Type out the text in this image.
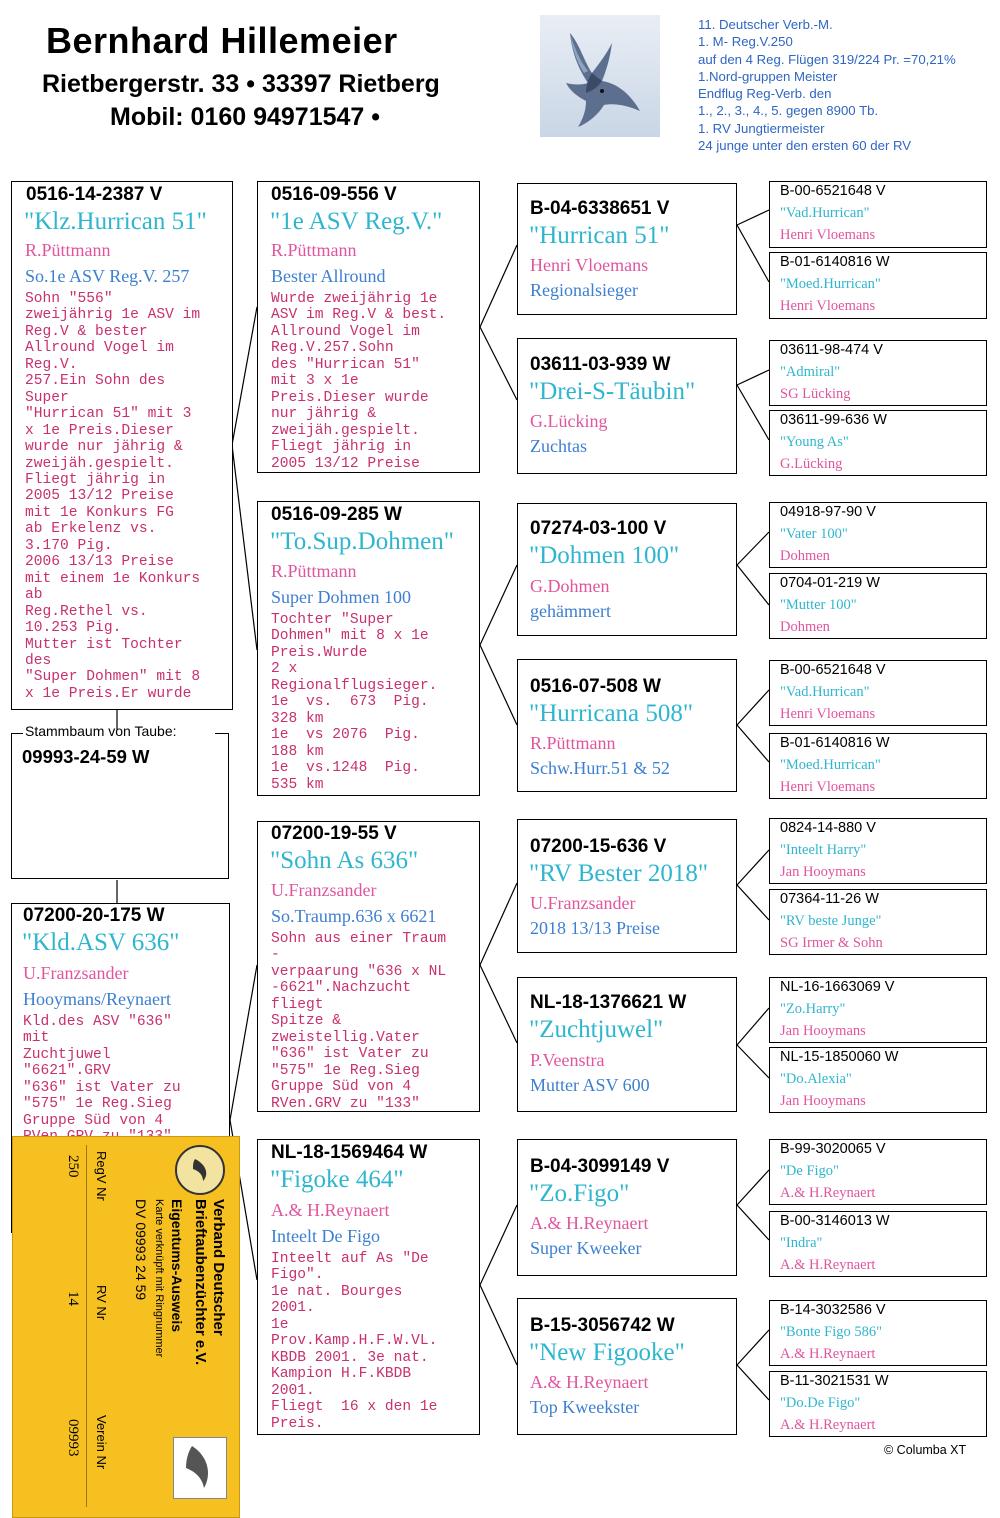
Bernhard Hillemeier
Rietbergerstr. 33 • 33397 Rietberg
Mobil: 0160 94971547 •
11. Deutscher Verb.-M.
1. M- Reg.V.250
auf den 4 Reg. Flügen 319/224 Pr. =70,21%
1.Nord-gruppen Meister
Endflug Reg-Verb. den
1., 2., 3., 4., 5. gegen 8900 Tb.
1. RV Jungtiermeister
24 junge unter den ersten 60 der RV
Stammbaum von Taube:
09993-24-59 W
0516-14-2387 V
"Klz.Hurrican 51"
R.Püttmann
So.1e ASV Reg.V. 257
Sohn "556"
zweijährig 1e ASV im
Reg.V & bester
Allround Vogel im
Reg.V.
257.Ein Sohn des
Super
"Hurrican 51" mit 3
x 1e Preis.Dieser
wurde nur jährig &
zweijäh.gespielt.
Fliegt jährig in
2005 13/12 Preise
mit 1e Konkurs FG
ab Erkelenz vs.
3.170 Pig.
2006 13/13 Preise
mit einem 1e Konkurs
ab
Reg.Rethel vs.
10.253 Pig.
Mutter ist Tochter
des
"Super Dohmen" mit 8
x 1e Preis.Er wurde
07200-20-175 W
"Kld.ASV 636"
U.Franzsander
Hooymans/Reynaert
Kld.des ASV "636"
mit
Zuchtjuwel
"6621".GRV
"636" ist Vater zu
"575" 1e Reg.Sieg
Gruppe Süd von 4

0516-09-556 V
"1e ASV Reg.V."
R.Püttmann
Bester Allround
Wurde zweijährig 1e
ASV im Reg.V & best.
Allround Vogel im
Reg.V.257.Sohn
des "Hurrican 51"
mit 3 x 1e
Preis.Dieser wurde
nur jährig &
zweijäh.gespielt.
Fliegt jährig in
2005 13/12 Preise
0516-09-285 W
"To.Sup.Dohmen"
R.Püttmann
Super Dohmen 100
Tochter "Super
Dohmen" mit 8 x 1e
Preis.Wurde
2 x
Regionalflugsieger.
1e  vs.  673  Pig.
328 km
1e  vs 2076  Pig.
188 km
1e  vs.1248  Pig.
535 km
07200-19-55 V
"Sohn As 636"
U.Franzsander
So.Traump.636 x 6621
Sohn aus einer Traum
-
verpaarung "636 x NL
-6621".Nachzucht
fliegt
Spitze &
zweistellig.Vater
"636" ist Vater zu
"575" 1e Reg.Sieg
Gruppe Süd von 4
RVen.GRV zu "133"
NL-18-1569464 W
"Figoke 464"
A.& H.Reynaert
Inteelt De Figo
Inteelt auf As "De
Figo".
1e nat. Bourges
2001.
1e
Prov.Kamp.H.F.W.VL.
KBDB 2001. 3e nat.
Kampion H.F.KBDB
2001.
Fliegt  16 x den 1e
Preis.
B-04-6338651 V
"Hurrican 51"
Henri Vloemans
Regionalsieger
03611-03-939 W
"Drei-S-Täubin"
G.Lücking
Zuchtas
07274-03-100 V
"Dohmen 100"
G.Dohmen
gehämmert
0516-07-508 W
"Hurricana 508"
R.Püttmann
Schw.Hurr.51 & 52
07200-15-636 V
"RV Bester 2018"
U.Franzsander
2018 13/13 Preise
NL-18-1376621 W
"Zuchtjuwel"
P.Veenstra
Mutter ASV 600
B-04-3099149 V
"Zo.Figo"
A.& H.Reynaert
Super Kweeker
B-15-3056742 W
"New Figooke"
A.& H.Reynaert
Top Kweekster
B-00-6521648 V
"Vad.Hurrican"
Henri Vloemans
B-01-6140816 W
"Moed.Hurrican"
Henri Vloemans
03611-98-474 V
"Admiral"
SG Lücking
03611-99-636 W
"Young As"
G.Lücking
04918-97-90 V
"Vater 100"
Dohmen
0704-01-219 W
"Mutter 100"
Dohmen
B-00-6521648 V
"Vad.Hurrican"
Henri Vloemans
B-01-6140816 W
"Moed.Hurrican"
Henri Vloemans
0824-14-880 V
"Inteelt Harry"
Jan Hooymans
07364-11-26 W
"RV beste Junge"
SG Irmer & Sohn
NL-16-1663069 V
"Zo.Harry"
Jan Hooymans
NL-15-1850060 W
"Do.Alexia"
Jan Hooymans
B-99-3020065 V
"De Figo"
A.& H.Reynaert
B-00-3146013 W
"Indra"
A.& H.Reynaert
B-14-3032586 V
"Bonte Figo 586"
A.& H.Reynaert
B-11-3021531 W
"Do.De Figo"
A.& H.Reynaert
Verband Deutscher
Brieftaubenzüchter e.V.
Eigentums-Ausweis
Karte verknüpft mit Ringnummer
DV 09993 24 59
RegV Nr
250
RV Nr
14
Verein Nr
09993	© Columba XT
